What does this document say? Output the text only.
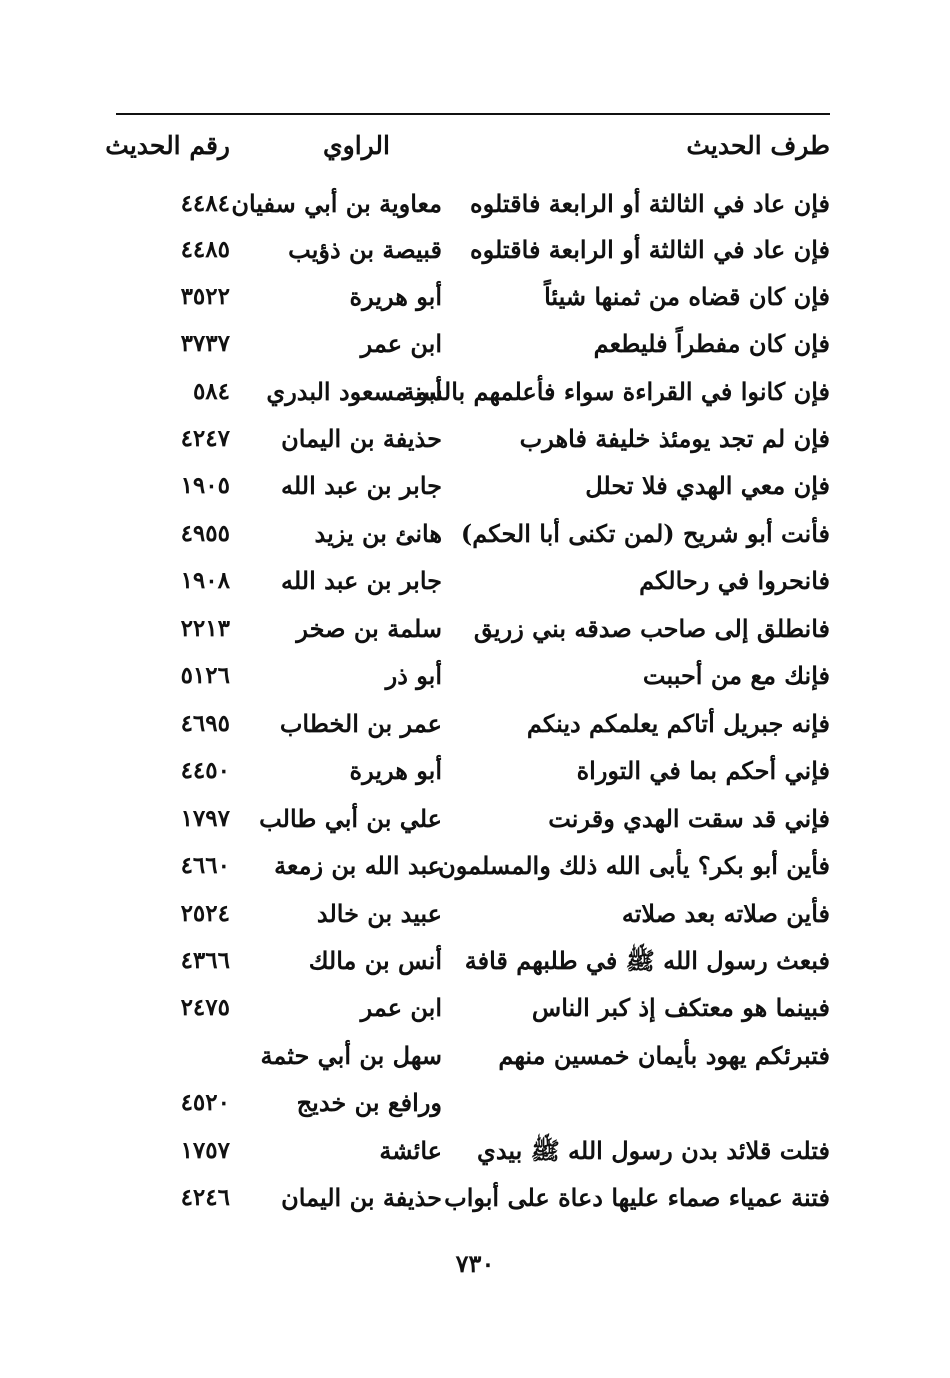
طرف الحديث
الراوي
رقم الحديث
فإن عاد في الثالثة أو الرابعة فاقتلوه
معاوية بن أبي سفيان
٤٤٨٤
فإن عاد في الثالثة أو الرابعة فاقتلوه
قبيصة بن ذؤيب
٤٤٨٥
فإن كان قضاه من ثمنها شيئاً
أبو هريرة
٣٥٢٢
فإن كان مفطراً فليطعم
ابن عمر
٣٧٣٧
فإن كانوا في القراءة سواء فأعلمهم بالسنة
أبو مسعود البدري
٥٨٤
فإن لم تجد يومئذ خليفة فاهرب
حذيفة بن اليمان
٤٢٤٧
فإن معي الهدي فلا تحلل
جابر بن عبد الله
١٩٠٥
فأنت أبو شريح (لمن تكنى أبا الحكم)
هانئ بن يزيد
٤٩٥٥
فانحروا في رحالكم
جابر بن عبد الله
١٩٠٨
فانطلق إلى صاحب صدقه بني زريق
سلمة بن صخر
٢٢١٣
فإنك مع من أحببت
أبو ذر
٥١٢٦
فإنه جبريل أتاكم يعلمكم دينكم
عمر بن الخطاب
٤٦٩٥
فإني أحكم بما في التوراة
أبو هريرة
٤٤٥٠
فإني قد سقت الهدي وقرنت
علي بن أبي طالب
١٧٩٧
فأين أبو بكر؟ يأبى الله ذلك والمسلمون
عبد الله بن زمعة
٤٦٦٠
فأين صلاته بعد صلاته
عبيد بن خالد
٢٥٢٤
فبعث رسول الله ﷺ في طلبهم قافة
أنس بن مالك
٤٣٦٦
فبينما هو معتكف إذ كبر الناس
ابن عمر
٢٤٧٥
فتبرئكم يهود بأيمان خمسين منهم
سهل بن أبي حثمة
ورافع بن خديج
٤٥٢٠
فتلت قلائد بدن رسول الله ﷺ بيدي
عائشة
١٧٥٧
فتنة عمياء صماء عليها دعاة على أبواب
حذيفة بن اليمان
٤٢٤٦
٧٣٠
